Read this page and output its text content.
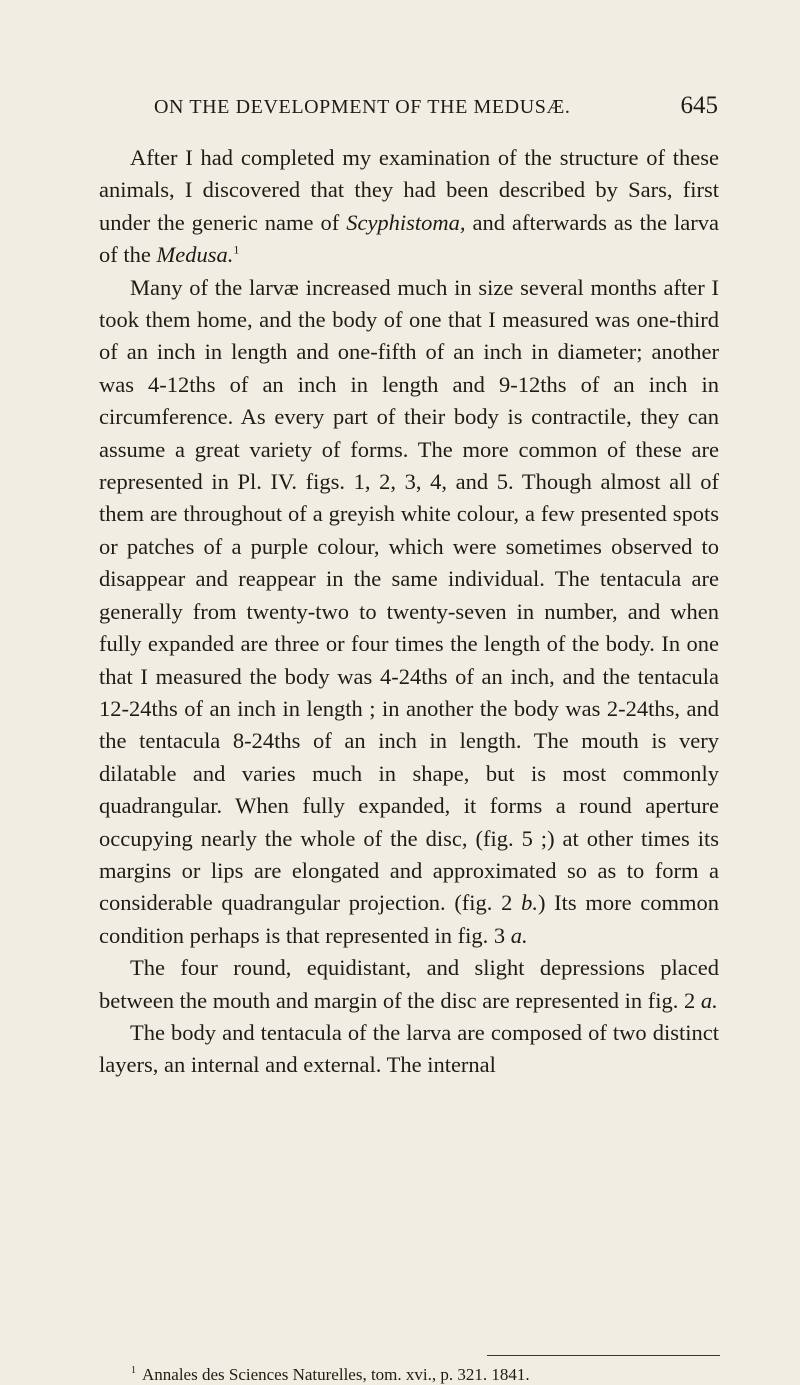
ON THE DEVELOPMENT OF THE MEDUSÆ.	645

After I had completed my examination of the structure of these animals, I discovered that they had been described by Sars, first under the generic name of Scyphistoma, and afterwards as the larva of the Medusa.$^1$

Many of the larvæ increased much in size several months after I took them home, and the body of one that I measured was one-third of an inch in length and one-fifth of an inch in diameter; another was 4-12ths of an inch in length and 9-12ths of an inch in circumference. As every part of their body is contractile, they can assume a great variety of forms. The more common of these are represented in Pl. IV. figs. 1, 2, 3, 4, and 5. Though almost all of them are throughout of a greyish white colour, a few presented spots or patches of a purple colour, which were sometimes observed to disappear and reappear in the same individual. The tentacula are generally from twenty-two to twenty-seven in number, and when fully expanded are three or four times the length of the body. In one that I measured the body was 4-24ths of an inch, and the tentacula 12-24ths of an inch in length ; in another the body was 2-24ths, and the tentacula 8-24ths of an inch in length. The mouth is very dilatable and varies much in shape, but is most commonly quadrangular. When fully expanded, it forms a round aperture occupying nearly the whole of the disc, (fig. 5 ;) at other times its margins or lips are elongated and approximated so as to form a considerable quadrangular projection. (fig. 2 b.) Its more common condition perhaps is that represented in fig. 3 a.

The four round, equidistant, and slight depressions placed between the mouth and margin of the disc are represented in fig. 2 a.

The body and tentacula of the larva are composed of two distinct layers, an internal and external. The internal

$^1$ Annales des Sciences Naturelles, tom. xvi., p. 321. 1841.
